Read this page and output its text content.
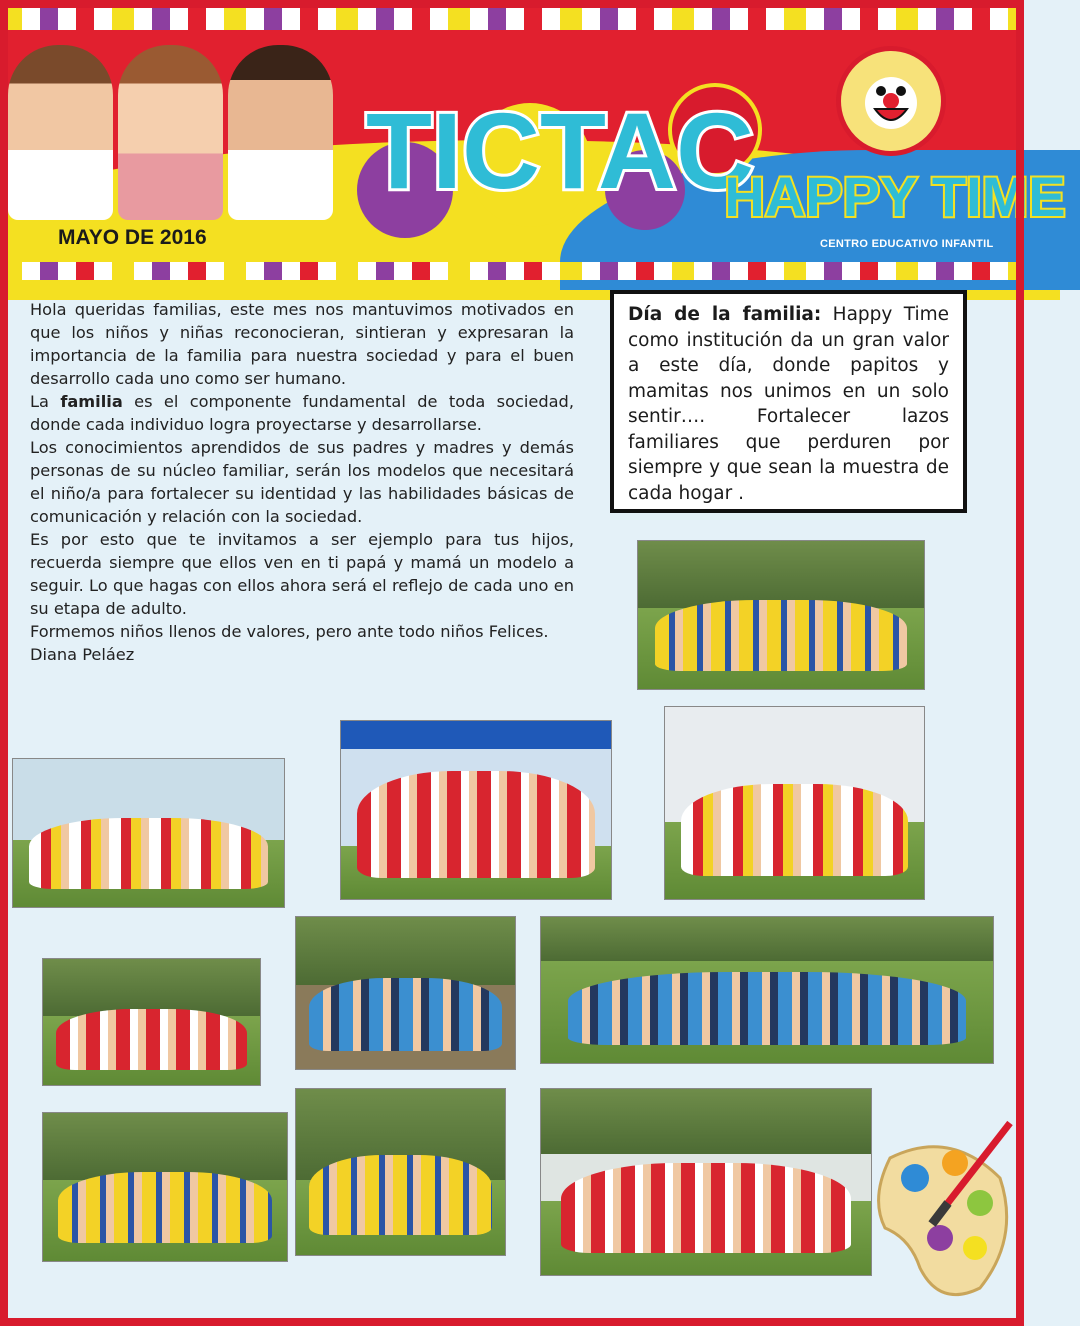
TICTAC
HAPPY TIME
MAYO DE 2016	CENTRO EDUCATIVO INFANTIL

Hola queridas familias, este mes nos mantuvimos motivados en que los niños y niñas reconocieran, sintieran y expresaran la importancia de la familia para nuestra sociedad y para el buen desarrollo cada uno como ser humano.

La familia es el componente fundamental de toda sociedad, donde cada individuo logra proyectarse y desarrollarse.

Los conocimientos aprendidos de sus padres y madres y demás personas de su núcleo familiar, serán los modelos que necesitará el niño/a para fortalecer su identidad y las habilidades básicas de comunicación y relación con la sociedad.

Es por esto que te invitamos a ser ejemplo para tus hijos, recuerda siempre que ellos ven en ti papá y mamá un modelo a seguir. Lo que hagas con ellos ahora será el reflejo de cada uno en su etapa de adulto.

Formemos niños llenos de valores, pero ante todo niños Felices.

Diana Peláez

Día de la familia: Happy Time como institución da un gran valor a este día, donde papitos y mamitas nos unimos en un solo sentir…. Fortalecer lazos familiares que perduren por siempre y que sean la muestra de cada hogar .
